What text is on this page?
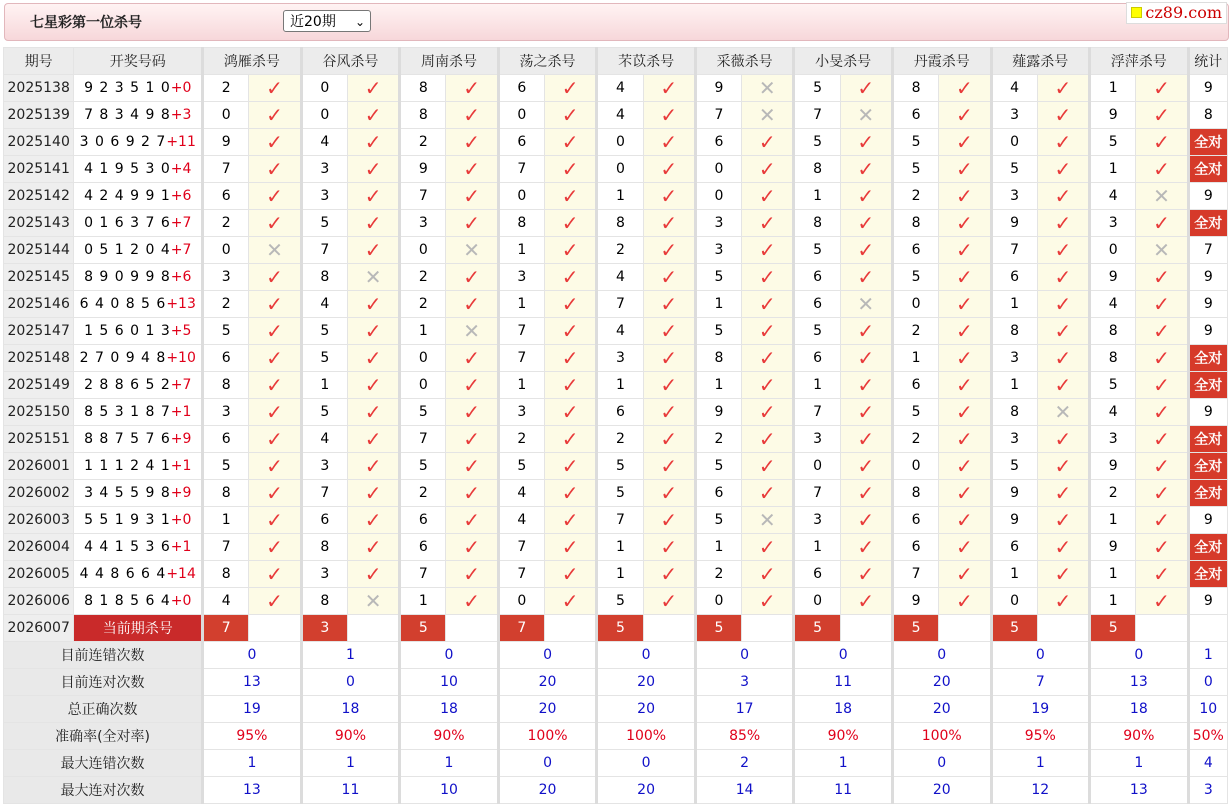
七星彩第一位杀号	近20期 ⌄	cz89.com
期号	开奖号码	鸿雁杀号		谷风杀号		周南杀号		荡之杀号		芣苡杀号		采薇杀号		小旻杀号		丹霞杀号		薤露杀号		浮萍杀号		统计
2025138	9 2 3 5 1 0+0	2	✓	0	✓	8	✓	6	✓	4	✓	9	✕	5	✓	8	✓	4	✓	1	✓	9
2025139	7 8 3 4 9 8+3	0	✓	0	✓	8	✓	0	✓	4	✓	7	✕	7	✕	6	✓	3	✓	9	✓	8
2025140	3 0 6 9 2 7+11	9	✓	4	✓	2	✓	6	✓	0	✓	6	✓	5	✓	5	✓	0	✓	5	✓	全对
2025141	4 1 9 5 3 0+4	7	✓	3	✓	9	✓	7	✓	0	✓	0	✓	8	✓	5	✓	5	✓	1	✓	全对
2025142	4 2 4 9 9 1+6	6	✓	3	✓	7	✓	0	✓	1	✓	0	✓	1	✓	2	✓	3	✓	4	✕	9
2025143	0 1 6 3 7 6+7	2	✓	5	✓	3	✓	8	✓	8	✓	3	✓	8	✓	8	✓	9	✓	3	✓	全对
2025144	0 5 1 2 0 4+7	0	✕	7	✓	0	✕	1	✓	2	✓	3	✓	5	✓	6	✓	7	✓	0	✕	7
2025145	8 9 0 9 9 8+6	3	✓	8	✕	2	✓	3	✓	4	✓	5	✓	6	✓	5	✓	6	✓	9	✓	9
2025146	6 4 0 8 5 6+13	2	✓	4	✓	2	✓	1	✓	7	✓	1	✓	6	✕	0	✓	1	✓	4	✓	9
2025147	1 5 6 0 1 3+5	5	✓	5	✓	1	✕	7	✓	4	✓	5	✓	5	✓	2	✓	8	✓	8	✓	9
2025148	2 7 0 9 4 8+10	6	✓	5	✓	0	✓	7	✓	3	✓	8	✓	6	✓	1	✓	3	✓	8	✓	全对
2025149	2 8 8 6 5 2+7	8	✓	1	✓	0	✓	1	✓	1	✓	1	✓	1	✓	6	✓	1	✓	5	✓	全对
2025150	8 5 3 1 8 7+1	3	✓	5	✓	5	✓	3	✓	6	✓	9	✓	7	✓	5	✓	8	✕	4	✓	9
2025151	8 8 7 5 7 6+9	6	✓	4	✓	7	✓	2	✓	2	✓	2	✓	3	✓	2	✓	3	✓	3	✓	全对
2026001	1 1 1 2 4 1+1	5	✓	3	✓	5	✓	5	✓	5	✓	5	✓	0	✓	0	✓	5	✓	9	✓	全对
2026002	3 4 5 5 9 8+9	8	✓	7	✓	2	✓	4	✓	5	✓	6	✓	7	✓	8	✓	9	✓	2	✓	全对
2026003	5 5 1 9 3 1+0	1	✓	6	✓	6	✓	4	✓	7	✓	5	✕	3	✓	6	✓	9	✓	1	✓	9
2026004	4 4 1 5 3 6+1	7	✓	8	✓	6	✓	7	✓	1	✓	1	✓	1	✓	6	✓	6	✓	9	✓	全对
2026005	4 4 8 6 6 4+14	8	✓	3	✓	7	✓	7	✓	1	✓	2	✓	6	✓	7	✓	1	✓	1	✓	全对
2026006	8 1 8 5 6 4+0	4	✓	8	✕	1	✓	0	✓	5	✓	0	✓	0	✓	9	✓	0	✓	1	✓	9
2026007	当前期杀号	7		3		5		7		5		5		5		5		5		5		
目前连错次数		0		1		0		0		0		0		0		0		0		0		1
目前连对次数		13		0		10		20		20		3		11		20		7		13		0
总正确次数		19		18		18		20		20		17		18		20		19		18		10
准确率(全对率)		95%		90%		90%		100%		100%		85%		90%		100%		95%		90%		50%
最大连错次数		1		1		1		0		0		2		1		0		1		1		4
最大连对次数		13		11		10		20		20		14		11		20		12		13		3
